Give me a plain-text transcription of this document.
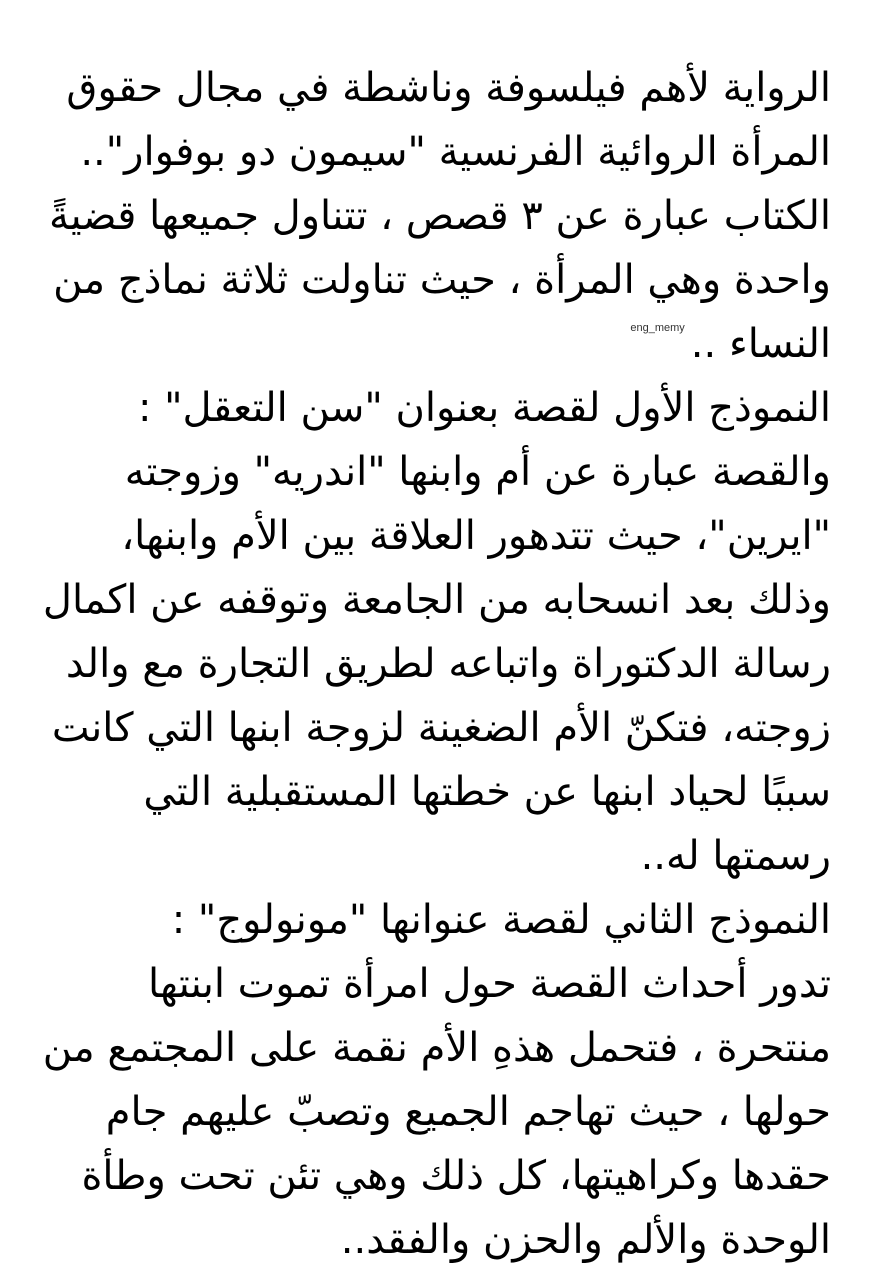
الرواية لأهم فيلسوفة وناشطة في مجال حقوق
المرأة الروائية الفرنسية "سيمون دو بوفوار"..
الكتاب عبارة عن ٣ قصص ، تتناول جميعها قضيةً
واحدة وهي المرأة ، حيث تناولت ثلاثة نماذج من
النساء ..$^{eng\_memy}$
النموذج الأول لقصة بعنوان "سن التعقل" :
والقصة عبارة عن أم وابنها "اندريه" وزوجته
"ايرين"، حيث تتدهور العلاقة بين الأم وابنها،
وذلك بعد انسحابه من الجامعة وتوقفه عن اكمال
رسالة الدكتوراة واتباعه لطريق التجارة مع والد
زوجته، فتكنّ الأم الضغينة لزوجة ابنها التي كانت
سببًا لحياد ابنها عن خطتها المستقبلية التي
رسمتها له..
النموذج الثاني لقصة عنوانها "مونولوج" :
تدور أحداث القصة حول امرأة تموت ابنتها
منتحرة ، فتحمل هذهِ الأم نقمة على المجتمع من
حولها ، حيث تهاجم الجميع وتصبّ عليهم جام
حقدها وكراهيتها، كل ذلك وهي تئن تحت وطأة
الوحدة والألم والحزن والفقد..
